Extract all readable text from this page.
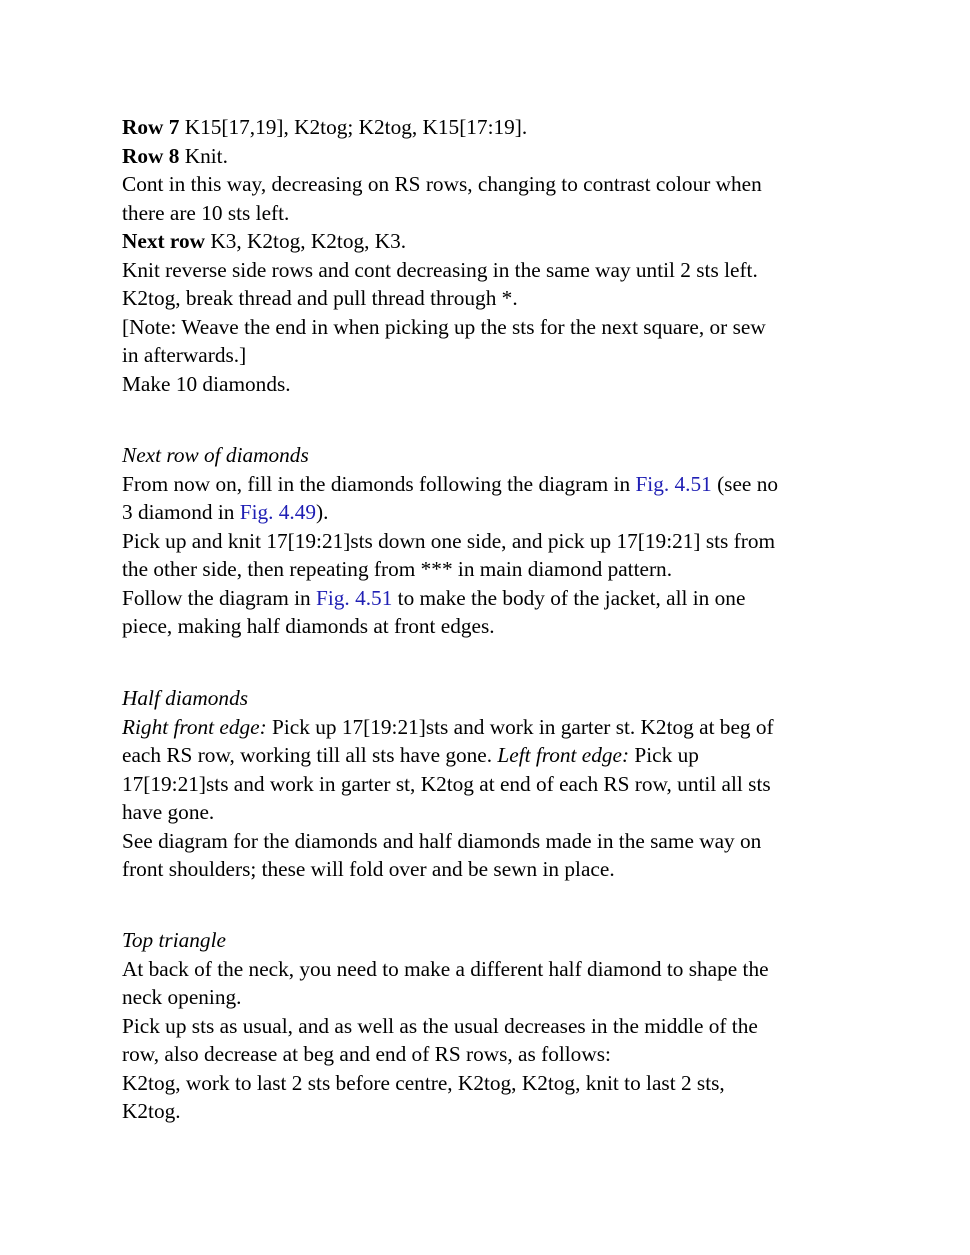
Row 7 K15[17,19], K2tog; K2tog, K15[17:19].
Row 8 Knit.
Cont in this way, decreasing on RS rows, changing to contrast colour when
there are 10 sts left.
Next row K3, K2tog, K2tog, K3.
Knit reverse side rows and cont decreasing in the same way until 2 sts left.
K2tog, break thread and pull thread through *.
[Note: Weave the end in when picking up the sts for the next square, or sew
in afterwards.]
Make 10 diamonds.
Next row of diamonds
From now on, fill in the diamonds following the diagram in Fig. 4.51 (see no
3 diamond in Fig. 4.49).
Pick up and knit 17[19:21]sts down one side, and pick up 17[19:21] sts from
the other side, then repeating from *** in main diamond pattern.
Follow the diagram in Fig. 4.51 to make the body of the jacket, all in one
piece, making half diamonds at front edges.
Half diamonds
Right front edge: Pick up 17[19:21]sts and work in garter st. K2tog at beg of
each RS row, working till all sts have gone. Left front edge: Pick up
17[19:21]sts and work in garter st, K2tog at end of each RS row, until all sts
have gone.
See diagram for the diamonds and half diamonds made in the same way on
front shoulders; these will fold over and be sewn in place.
Top triangle
At back of the neck, you need to make a different half diamond to shape the
neck opening.
Pick up sts as usual, and as well as the usual decreases in the middle of the
row, also decrease at beg and end of RS rows, as follows:
K2tog, work to last 2 sts before centre, K2tog, K2tog, knit to last 2 sts,
K2tog.
